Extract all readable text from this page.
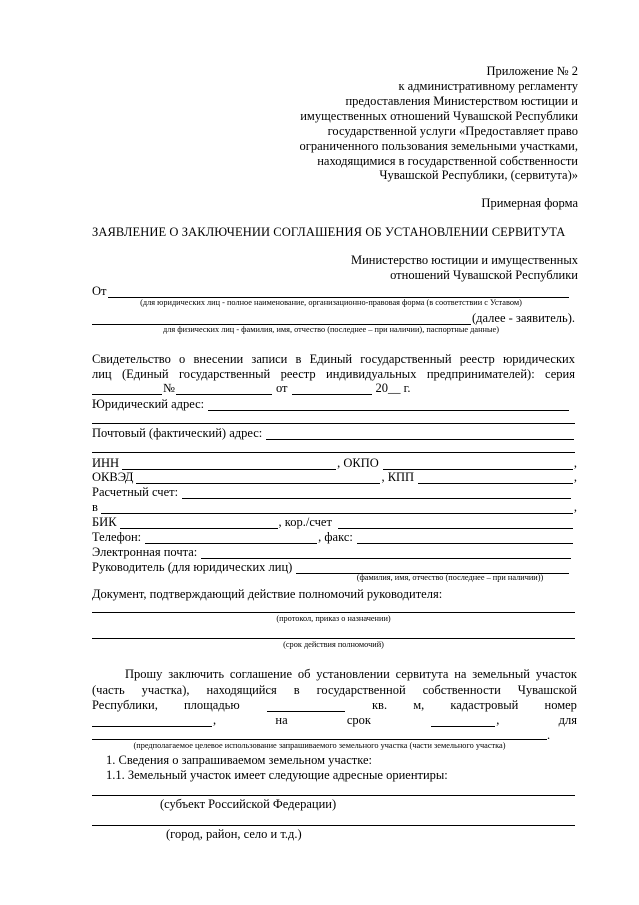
Приложение № 2
к административному регламенту
предоставления Министерством юстиции и
имущественных отношений Чувашской Республики
государственной услуги «Предоставляет право
ограниченного пользования земельными участками,
находящимися в государственной собственности
Чувашской Республики, (сервитута)»
Примерная форма
ЗАЯВЛЕНИЕ О ЗАКЛЮЧЕНИИ СОГЛАШЕНИЯ ОБ УСТАНОВЛЕНИИ СЕРВИТУТА
Министерство юстиции и имущественных
отношений Чувашской Республики
От
(для юридических лиц - полное наименование, организационно-правовая форма (в соответствии с Уставом)
(далее - заявитель).
для физических лиц - фамилия, имя, отчество (последнее – при наличии), паспортные данные)
Свидетельство о внесении записи в Единый государственный реестр юридических
лиц (Единый государственный реестр индивидуальных предпринимателей): серия
№	от	20__ г.
Юридический адрес:
Почтовый (фактический) адрес:
ИНН	, ОКПО	,
ОКВЭД	, КПП	,
Расчетный счет:
в	,
БИК	, кор./счет
Телефон:	, факс:
Электронная почта:
Руководитель (для юридических лиц)
(фамилия, имя, отчество (последнее – при наличии))
Документ, подтверждающий действие полномочий руководителя:
(протокол, приказ о назначении)
(срок действия полномочий)
Прошу заключить соглашение об установлении сервитута на земельный участок
(часть участка), находящийся в государственной собственности Чувашской
Республики, площадью	кв. м, кадастровый номер
,	на	срок	,	для
.
(предполагаемое целевое использование запрашиваемого земельного участка (части земельного участка)
1. Сведения о запрашиваемом земельном участке:
1.1. Земельный участок имеет следующие адресные ориентиры:
(субъект Российской Федерации)
(город, район, село и т.д.)
